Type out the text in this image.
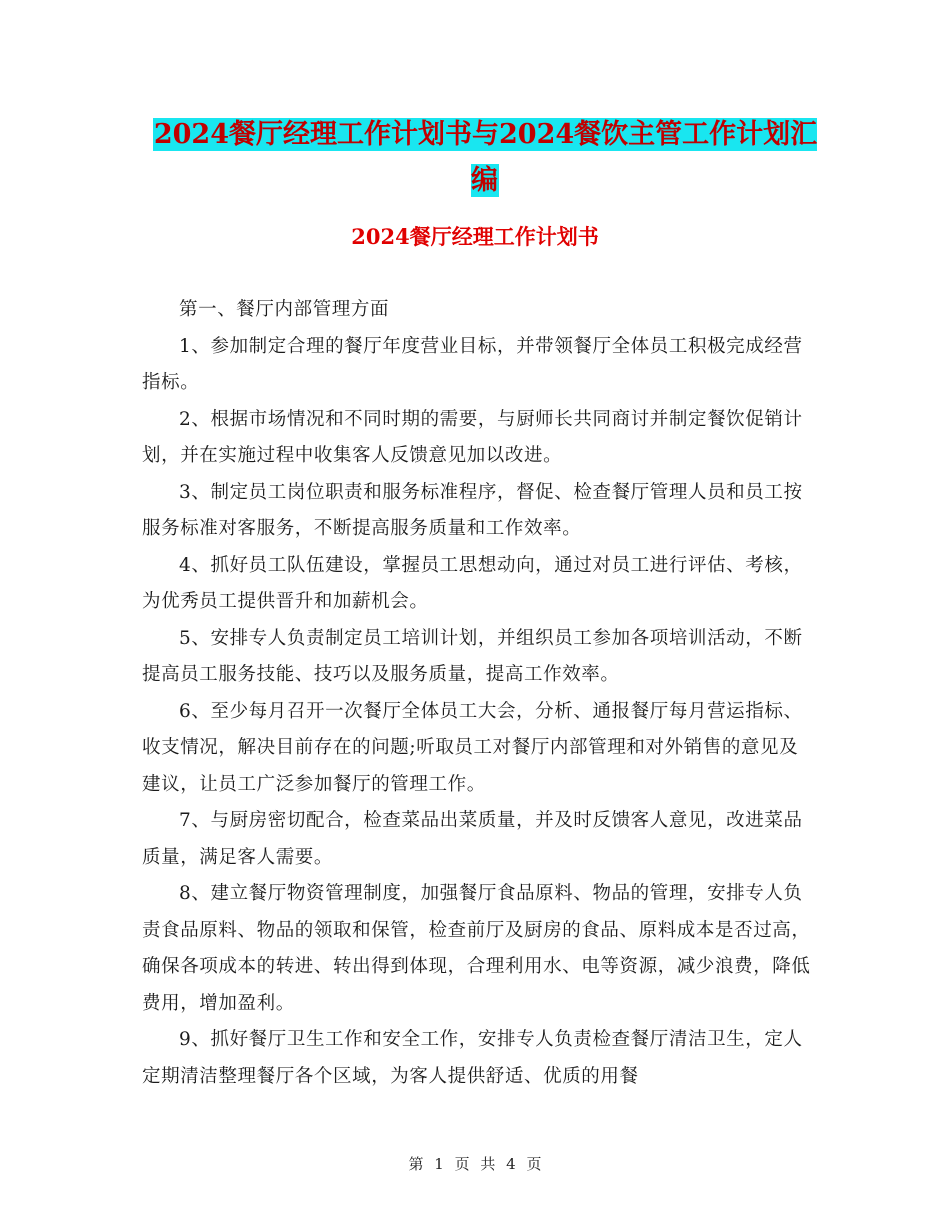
2024餐厅经理工作计划书与2024餐饮主管工作计划汇编
2024餐厅经理工作计划书

第一、餐厅内部管理方面

1、参加制定合理的餐厅年度营业目标，并带领餐厅全体员工积极完成经营指标。

2、根据市场情况和不同时期的需要，与厨师长共同商讨并制定餐饮促销计划，并在实施过程中收集客人反馈意见加以改进。

3、制定员工岗位职责和服务标准程序，督促、检查餐厅管理人员和员工按服务标准对客服务，不断提高服务质量和工作效率。

4、抓好员工队伍建设，掌握员工思想动向，通过对员工进行评估、考核，为优秀员工提供晋升和加薪机会。

5、安排专人负责制定员工培训计划，并组织员工参加各项培训活动，不断提高员工服务技能、技巧以及服务质量，提高工作效率。

6、至少每月召开一次餐厅全体员工大会，分析、通报餐厅每月营运指标、收支情况，解决目前存在的问题;听取员工对餐厅内部管理和对外销售的意见及建议，让员工广泛参加餐厅的管理工作。

7、与厨房密切配合，检查菜品出菜质量，并及时反馈客人意见，改进菜品质量，满足客人需要。

8、建立餐厅物资管理制度，加强餐厅食品原料、物品的管理，安排专人负责食品原料、物品的领取和保管，检查前厅及厨房的食品、原料成本是否过高，确保各项成本的转进、转出得到体现，合理利用水、电等资源，减少浪费，降低费用，增加盈利。

9、抓好餐厅卫生工作和安全工作，安排专人负责检查餐厅清洁卫生，定人定期清洁整理餐厅各个区域，为客人提供舒适、优质的用餐

第 1 页 共 4 页
